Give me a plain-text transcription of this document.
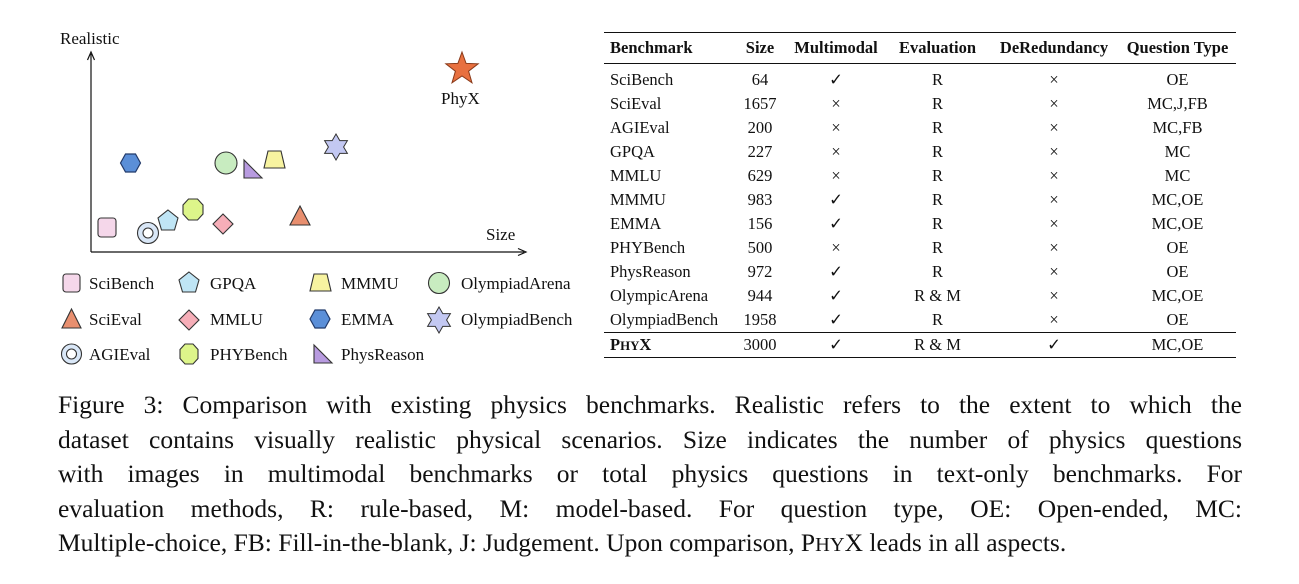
Realistic
Size
PhyX
SciBench	GPQA	MMMU	OlympiadArena
SciEval	MMLU	EMMA	OlympiadBench
AGIEval	PHYBench	PhysReason
Benchmark	Size	Multimodal	Evaluation	DeRedundancy	Question Type
SciBench	64	✓	R	×	OE
SciEval	1657	×	R	×	MC,J,FB
AGIEval	200	×	R	×	MC,FB
GPQA	227	×	R	×	MC
MMLU	629	×	R	×	MC
MMMU	983	✓	R	×	MC,OE
EMMA	156	✓	R	×	MC,OE
PHYBench	500	×	R	×	OE
PhysReason	972	✓	R	×	OE
OlympicArena	944	✓	R & M	×	MC,OE
OlympiadBench	1958	✓	R	×	OE
PHYX	3000	✓	R & M	✓	MC,OE
Figure 3: Comparison with existing physics benchmarks. Realistic refers to the extent to which the
dataset contains visually realistic physical scenarios. Size indicates the number of physics questions
with images in multimodal benchmarks or total physics questions in text-only benchmarks. For
evaluation methods, R: rule-based, M: model-based. For question type, OE: Open-ended, MC:
Multiple-choice, FB: Fill-in-the-blank, J: Judgement. Upon comparison, PHYX leads in all aspects.
